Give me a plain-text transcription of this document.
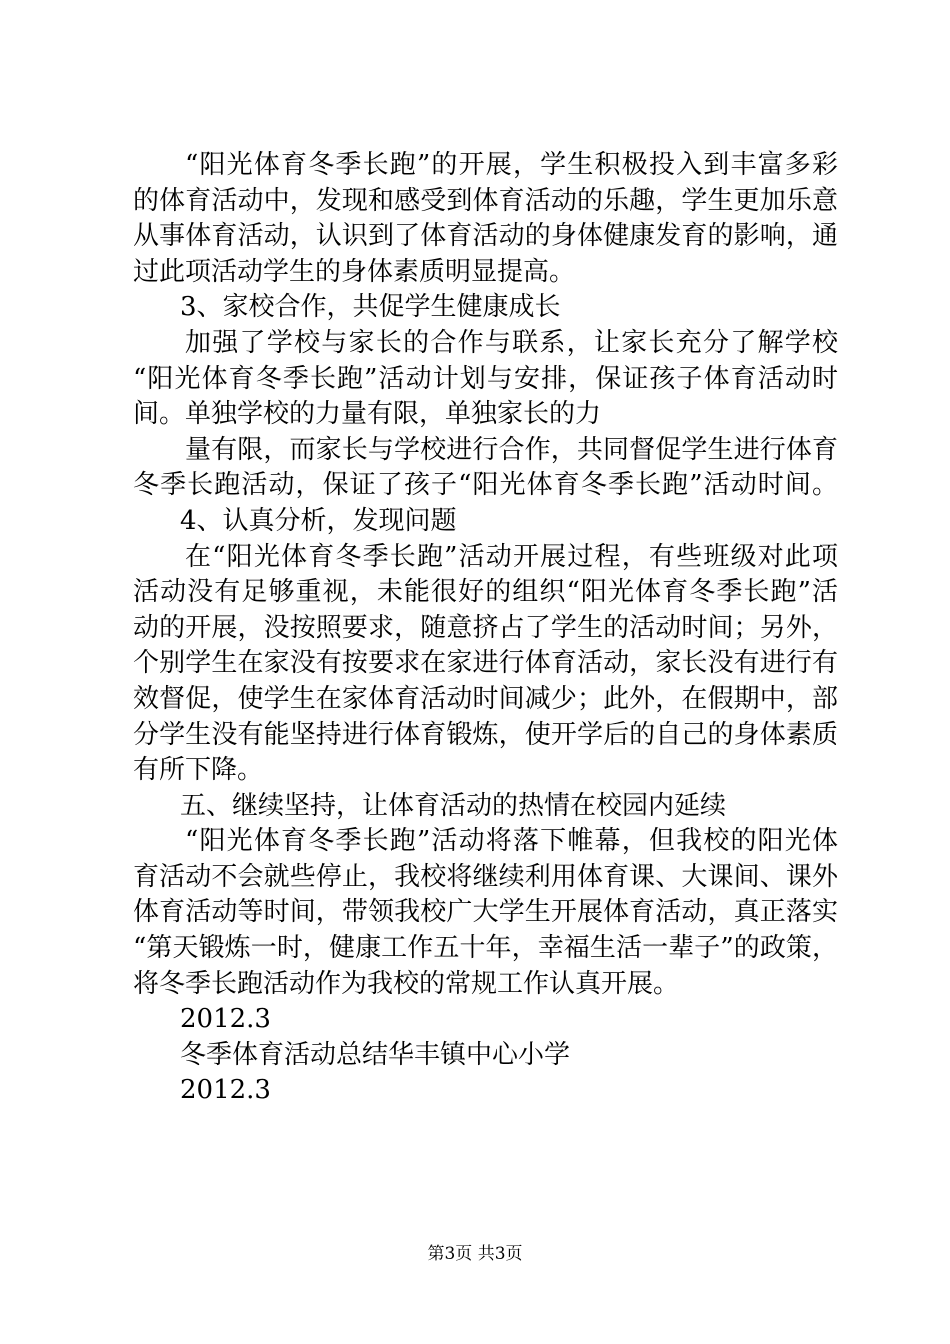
“阳光体育冬季长跑”的开展，学生积极投入到丰富多彩
的体育活动中，发现和感受到体育活动的乐趣，学生更加乐意
从事体育活动，认识到了体育活动的身体健康发育的影响，通
过此项活动学生的身体素质明显提高。
3、家校合作，共促学生健康成长
加强了学校与家长的合作与联系，让家长充分了解学校
“阳光体育冬季长跑”活动计划与安排，保证孩子体育活动时
间。单独学校的力量有限，单独家长的力
量有限，而家长与学校进行合作，共同督促学生进行体育
冬季长跑活动，保证了孩子“阳光体育冬季长跑”活动时间。
4、认真分析，发现问题
在“阳光体育冬季长跑”活动开展过程，有些班级对此项
活动没有足够重视，未能很好的组织“阳光体育冬季长跑”活
动的开展，没按照要求，随意挤占了学生的活动时间；另外，
个别学生在家没有按要求在家进行体育活动，家长没有进行有
效督促，使学生在家体育活动时间减少；此外，在假期中，部
分学生没有能坚持进行体育锻炼，使开学后的自己的身体素质
有所下降。
五、继续坚持，让体育活动的热情在校园内延续
“阳光体育冬季长跑”活动将落下帷幕，但我校的阳光体
育活动不会就些停止，我校将继续利用体育课、大课间、课外
体育活动等时间，带领我校广大学生开展体育活动，真正落实
“第天锻炼一时，健康工作五十年，幸福生活一辈子”的政策，
将冬季长跑活动作为我校的常规工作认真开展。
2012.3
冬季体育活动总结华丰镇中心小学
2012.3
第3页 共3页
